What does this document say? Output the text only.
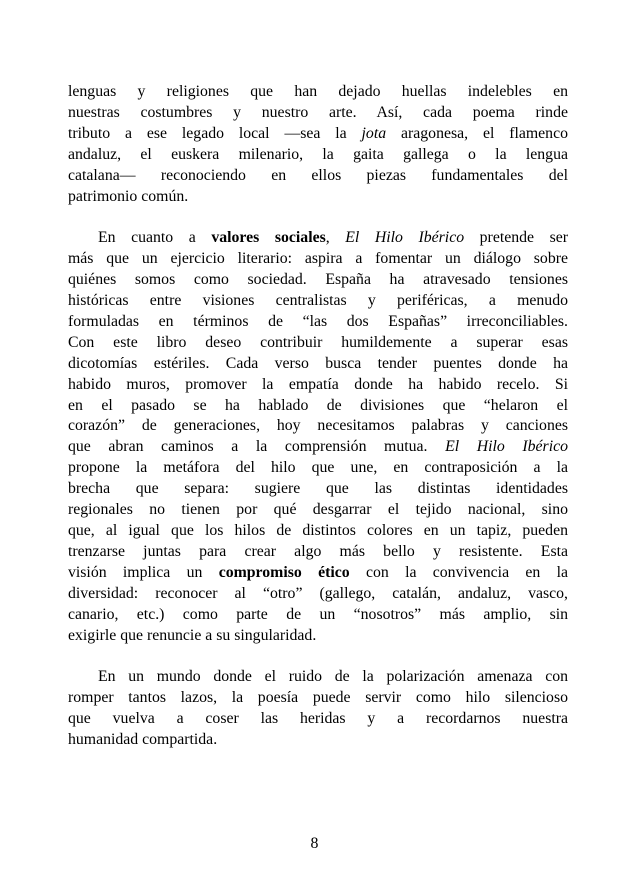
lenguas y religiones que han dejado huellas indelebles en
nuestras costumbres y nuestro arte. Así, cada poema rinde
tributo a ese legado local —sea la jota aragonesa, el flamenco
andaluz, el euskera milenario, la gaita gallega o la lengua
catalana— reconociendo en ellos piezas fundamentales del
patrimonio común.
En cuanto a valores sociales, El Hilo Ibérico pretende ser
más que un ejercicio literario: aspira a fomentar un diálogo sobre
quiénes somos como sociedad. España ha atravesado tensiones
históricas entre visiones centralistas y periféricas, a menudo
formuladas en términos de “las dos Españas” irreconciliables.
Con este libro deseo contribuir humildemente a superar esas
dicotomías estériles. Cada verso busca tender puentes donde ha
habido muros, promover la empatía donde ha habido recelo. Si
en el pasado se ha hablado de divisiones que “helaron el
corazón” de generaciones, hoy necesitamos palabras y canciones
que abran caminos a la comprensión mutua. El Hilo Ibérico
propone la metáfora del hilo que une, en contraposición a la
brecha que separa: sugiere que las distintas identidades
regionales no tienen por qué desgarrar el tejido nacional, sino
que, al igual que los hilos de distintos colores en un tapiz, pueden
trenzarse juntas para crear algo más bello y resistente. Esta
visión implica un compromiso ético con la convivencia en la
diversidad: reconocer al “otro” (gallego, catalán, andaluz, vasco,
canario, etc.) como parte de un “nosotros” más amplio, sin
exigirle que renuncie a su singularidad.
En un mundo donde el ruido de la polarización amenaza con
romper tantos lazos, la poesía puede servir como hilo silencioso
que vuelva a coser las heridas y a recordarnos nuestra
humanidad compartida.
8
